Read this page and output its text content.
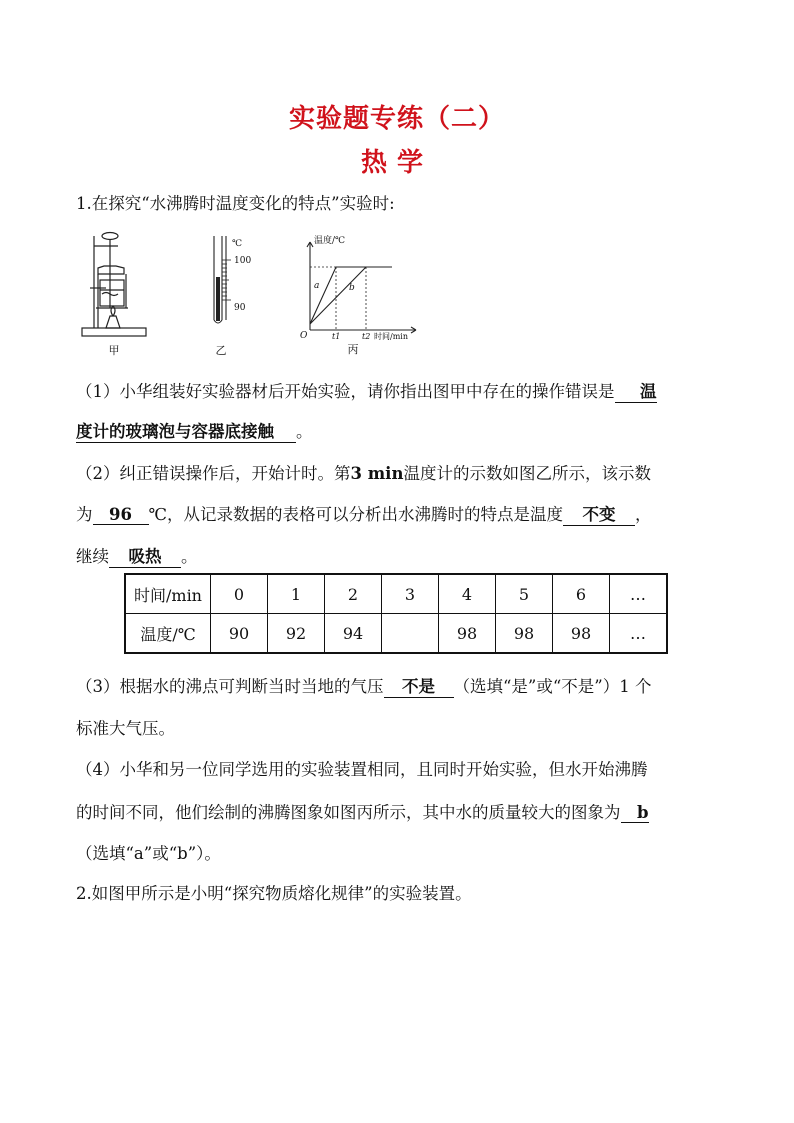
实验题专练（二）
热学
1.在探究“水沸腾时温度变化的特点”实验时:
甲
℃
100
90
乙
温度/℃
O	t1	t2 时间/min
a	b
丙
（1）小华组装好实验器材后开始实验，请你指出图甲中存在的操作错误是 温
度计的玻璃泡与容器底接触 。
（2）纠正错误操作后，开始计时。第3 min温度计的示数如图乙所示，该示数
为 96 ℃，从记录数据的表格可以分析出水沸腾时的特点是温度 不变 ，
继续 吸热 。
时间/min	0	1	2	3	4	5	6	…
温度/℃	90	92	94		98	98	98	…
（3）根据水的沸点可判断当时当地的气压 不是 （选填“是”或“不是”）1 个
标准大气压。
（4）小华和另一位同学选用的实验装置相同，且同时开始实验，但水开始沸腾
的时间不同，他们绘制的沸腾图象如图丙所示，其中水的质量较大的图象为 b
（选填“a”或“b”）。
2.如图甲所示是小明“探究物质熔化规律”的实验装置。
